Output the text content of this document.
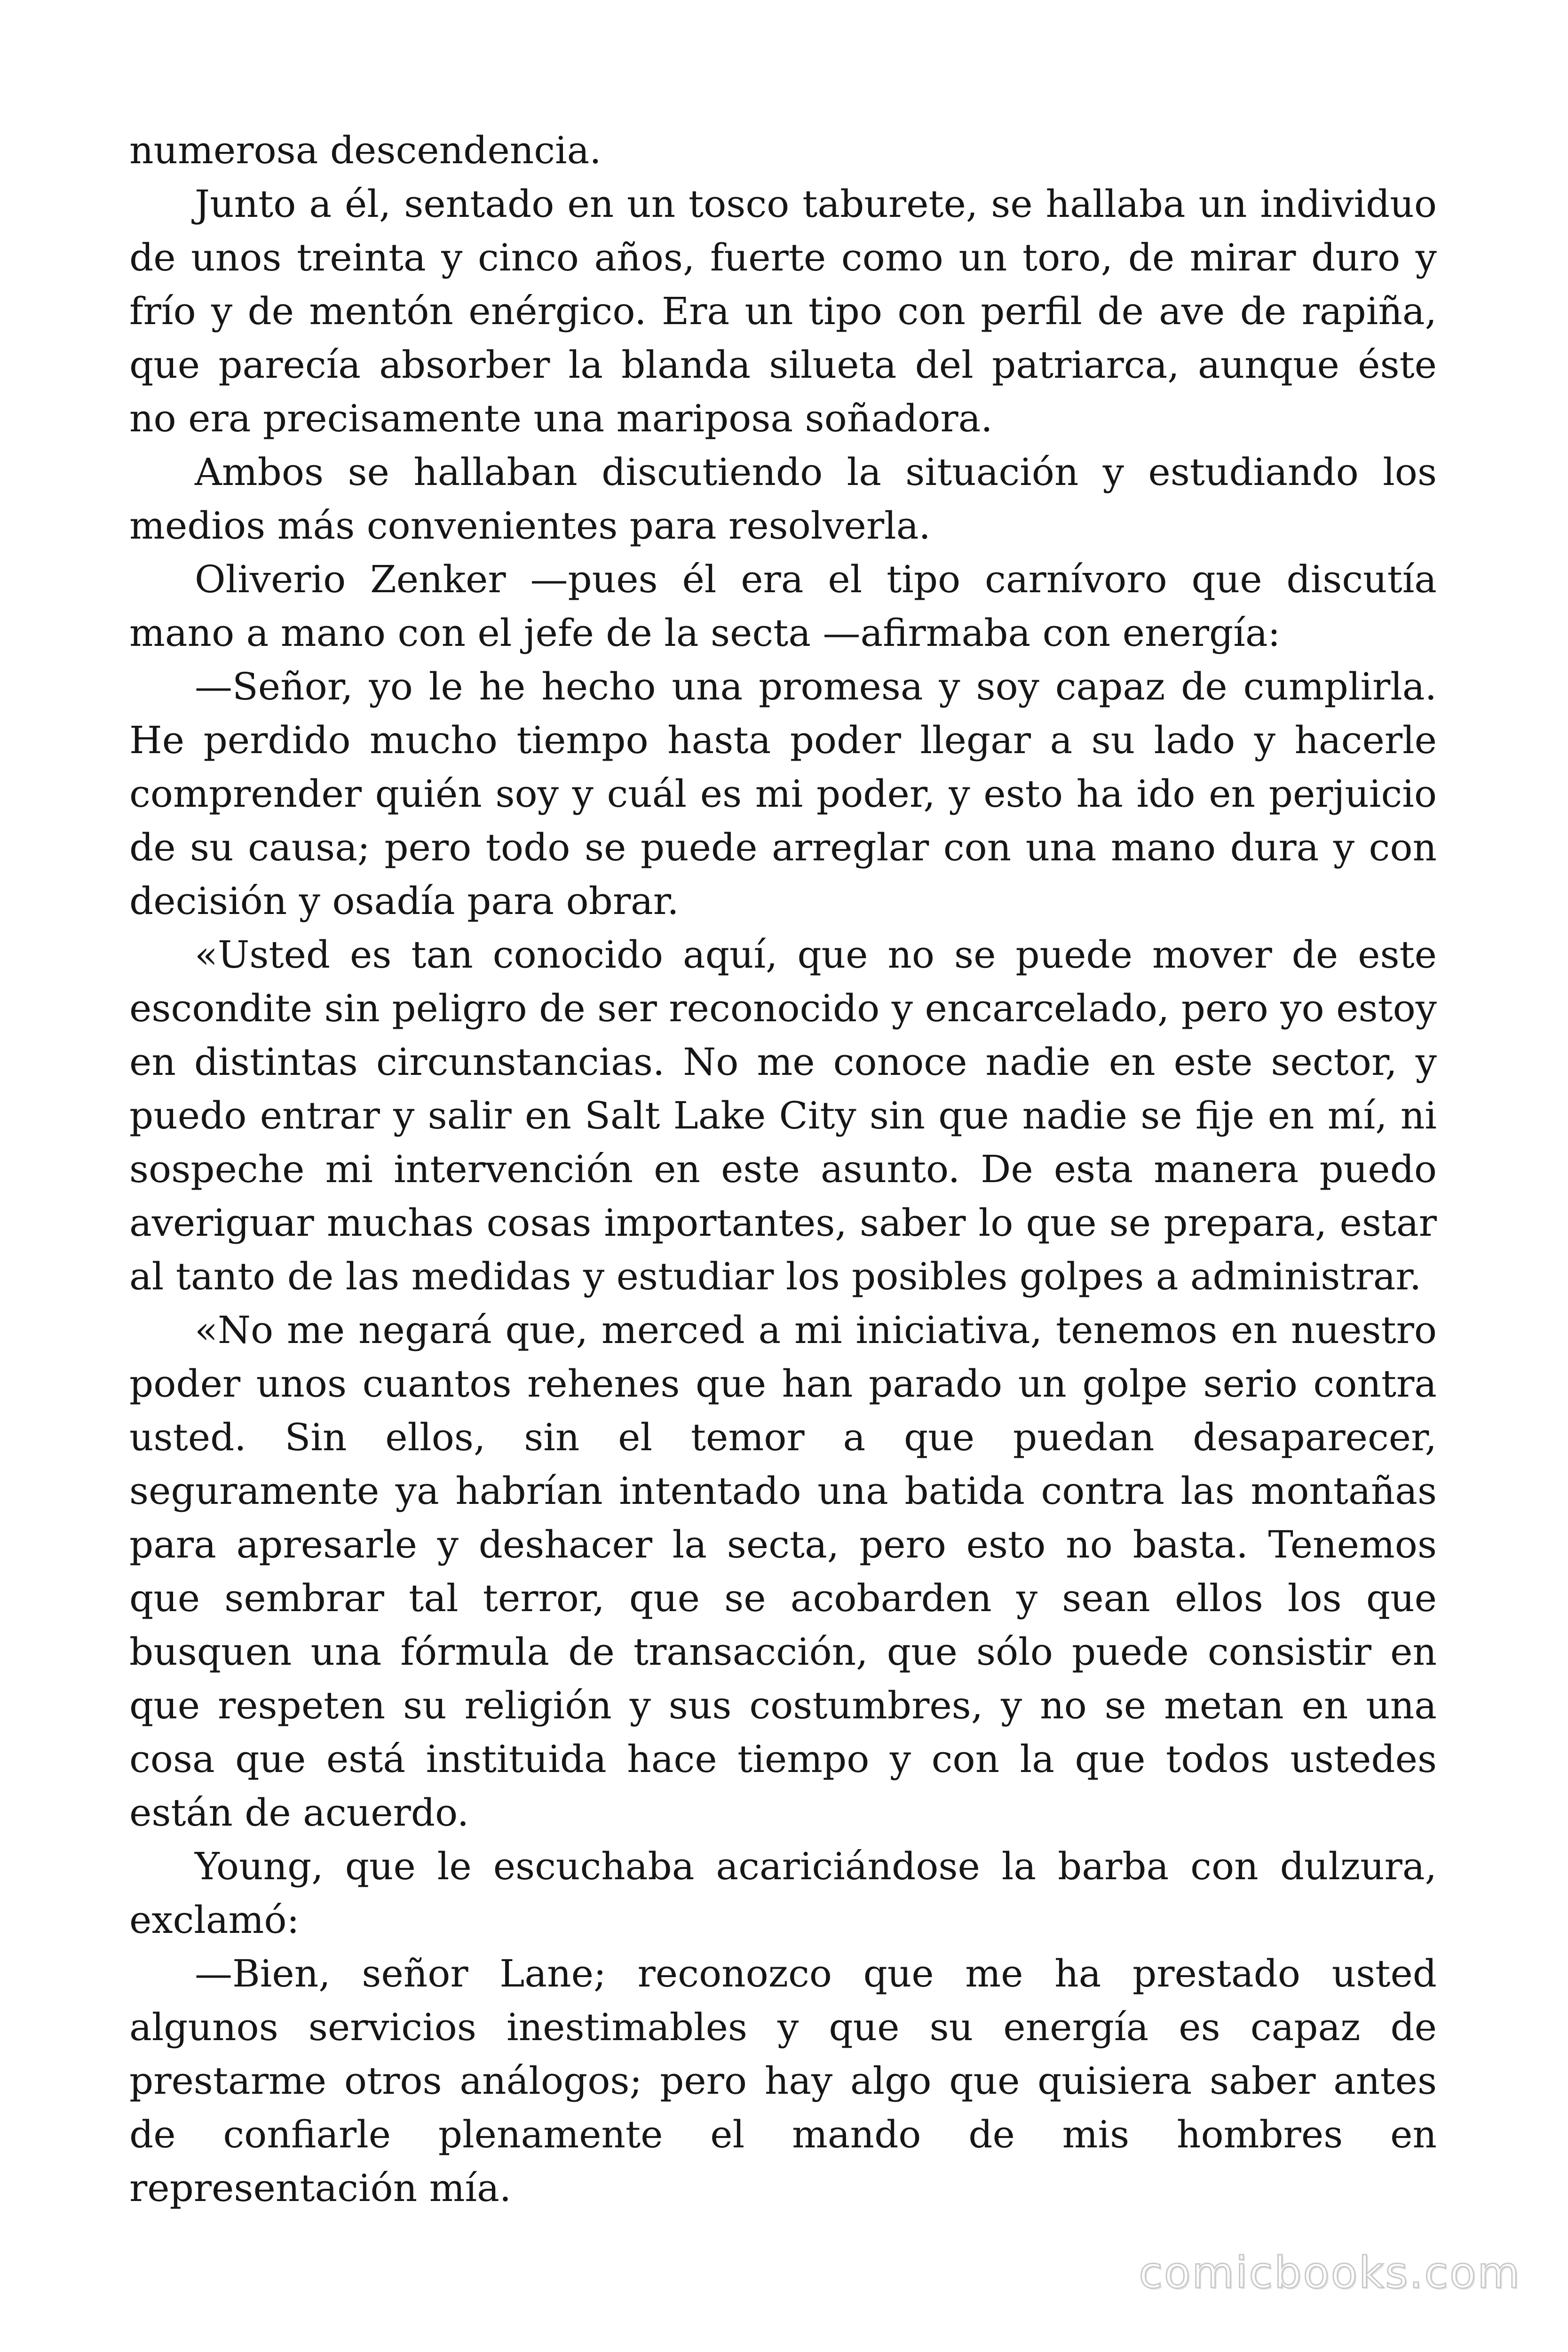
numerosa descendencia.

Junto a él, sentado en un tosco taburete, se hallaba un individuo de unos treinta y cinco años, fuerte como un toro, de mirar duro y frío y de mentón enérgico. Era un tipo con perfil de ave de rapiña, que parecía absorber la blanda silueta del patriarca, aunque éste no era precisamente una mariposa soñadora.

Ambos se hallaban discutiendo la situación y estudiando los medios más convenientes para resolverla.

Oliverio Zenker —pues él era el tipo carnívoro que discutía mano a mano con el jefe de la secta —afirmaba con energía:

—Señor, yo le he hecho una promesa y soy capaz de cumplirla. He perdido mucho tiempo hasta poder llegar a su lado y hacerle comprender quién soy y cuál es mi poder, y esto ha ido en perjuicio de su causa; pero todo se puede arreglar con una mano dura y con decisión y osadía para obrar.

«Usted es tan conocido aquí, que no se puede mover de este escondite sin peligro de ser reconocido y encarcelado, pero yo estoy en distintas circunstancias. No me conoce nadie en este sector, y puedo entrar y salir en Salt Lake City sin que nadie se fije en mí, ni sospeche mi intervención en este asunto. De esta manera puedo averiguar muchas cosas importantes, saber lo que se prepara, estar al tanto de las medidas y estudiar los posibles golpes a administrar.

«No me negará que, merced a mi iniciativa, tenemos en nuestro poder unos cuantos rehenes que han parado un golpe serio contra usted. Sin ellos, sin el temor a que puedan desaparecer, seguramente ya habrían intentado una batida contra las montañas para apresarle y deshacer la secta, pero esto no basta. Tenemos que sembrar tal terror, que se acobarden y sean ellos los que busquen una fórmula de transacción, que sólo puede consistir en que respeten su religión y sus costumbres, y no se metan en una cosa que está instituida hace tiempo y con la que todos ustedes están de acuerdo.

Young, que le escuchaba acariciándose la barba con dulzura, exclamó:

—Bien, señor Lane; reconozco que me ha prestado usted algunos servicios inestimables y que su energía es capaz de prestarme otros análogos; pero hay algo que quisiera saber antes de confiarle plenamente el mando de mis hombres en representación mía.

comicbooks.com
